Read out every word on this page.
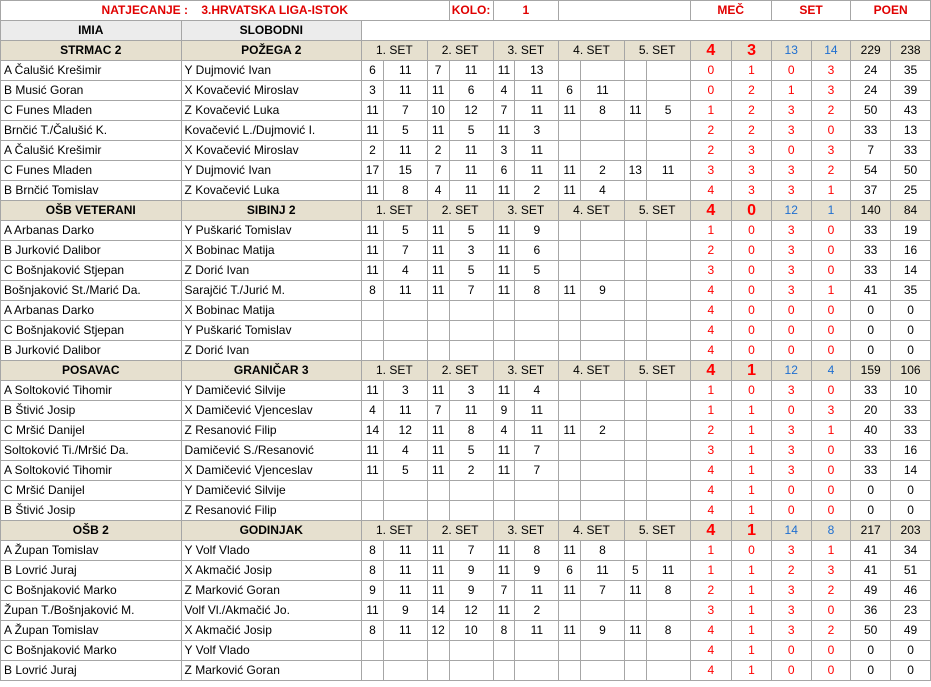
NATJECANJE : 3.HRVATSKA LIGA-ISTOK					KOLO:	1						MEČ		SET		POEN	
IMIA	SLOBODNI																
STRMAC 2	POŽEGA 2	1. SET		2. SET		3. SET		4. SET		5. SET		4	3	13	14	229	238
A Čalušić Krešimir	Y Dujmović Ivan	6	11	7	11	11	13					0	1	0	3	24	35
B Musić Goran	X Kovačević Miroslav	3	11	11	6	4	11	6	11			0	2	1	3	24	39
C Funes Mladen	Z Kovačević Luka	11	7	10	12	7	11	11	8	11	5	1	2	3	2	50	43
Brnčić T./Čalušić K.	Kovačević L./Dujmović I.	11	5	11	5	11	3					2	2	3	0	33	13
A Čalušić Krešimir	X Kovačević Miroslav	2	11	2	11	3	11					2	3	0	3	7	33
C Funes Mladen	Y Dujmović Ivan	17	15	7	11	6	11	11	2	13	11	3	3	3	2	54	50
B Brnčić Tomislav	Z Kovačević Luka	11	8	4	11	11	2	11	4			4	3	3	1	37	25
OŠB VETERANI	SIBINJ 2	1. SET		2. SET		3. SET		4. SET		5. SET		4	0	12	1	140	84
A Arbanas Darko	Y Puškarić Tomislav	11	5	11	5	11	9					1	0	3	0	33	19
B Jurković Dalibor	X Bobinac Matija	11	7	11	3	11	6					2	0	3	0	33	16
C Bošnjaković Stjepan	Z Dorić Ivan	11	4	11	5	11	5					3	0	3	0	33	14
Bošnjaković St./Marić Da.	Sarajčić T./Jurić M.	8	11	11	7	11	8	11	9			4	0	3	1	41	35
A Arbanas Darko	X Bobinac Matija											4	0	0	0	0	0
C Bošnjaković Stjepan	Y Puškarić Tomislav											4	0	0	0	0	0
B Jurković Dalibor	Z Dorić Ivan											4	0	0	0	0	0
POSAVAC	GRANIČAR 3	1. SET		2. SET		3. SET		4. SET		5. SET		4	1	12	4	159	106
A Soltoković Tihomir	Y Damičević Silvije	11	3	11	3	11	4					1	0	3	0	33	10
B Štivić Josip	X Damičević Vjenceslav	4	11	7	11	9	11					1	1	0	3	20	33
C Mršić Danijel	Z Resanović Filip	14	12	11	8	4	11	11	2			2	1	3	1	40	33
Soltoković Ti./Mršić Da.	Damičević S./Resanović	11	4	11	5	11	7					3	1	3	0	33	16
A Soltoković Tihomir	X Damičević Vjenceslav	11	5	11	2	11	7					4	1	3	0	33	14
C Mršić Danijel	Y Damičević Silvije											4	1	0	0	0	0
B Štivić Josip	Z Resanović Filip											4	1	0	0	0	0
OŠB 2	GODINJAK	1. SET		2. SET		3. SET		4. SET		5. SET		4	1	14	8	217	203
A Župan Tomislav	Y Volf Vlado	8	11	11	7	11	8	11	8			1	0	3	1	41	34
B Lovrić Juraj	X Akmačić Josip	8	11	11	9	11	9	6	11	5	11	1	1	2	3	41	51
C Bošnjaković Marko	Z Marković Goran	9	11	11	9	7	11	11	7	11	8	2	1	3	2	49	46
Župan T./Bošnjaković M.	Volf Vl./Akmačić Jo.	11	9	14	12	11	2					3	1	3	0	36	23
A Župan Tomislav	X Akmačić Josip	8	11	12	10	8	11	11	9	11	8	4	1	3	2	50	49
C Bošnjaković Marko	Y Volf Vlado											4	1	0	0	0	0
B Lovrić Juraj	Z Marković Goran											4	1	0	0	0	0
